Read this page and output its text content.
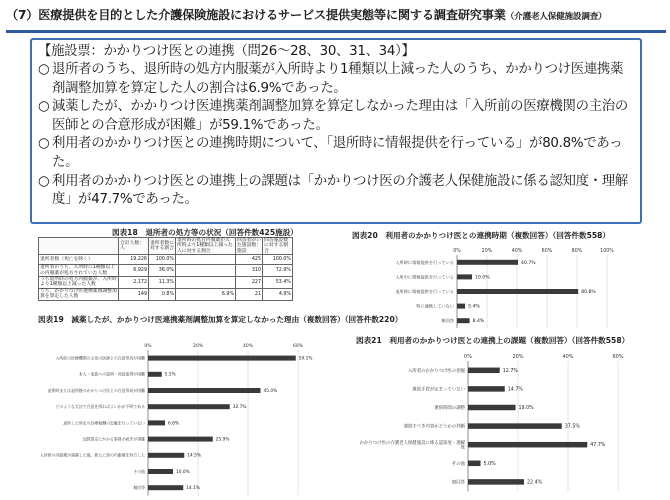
（7）医療提供を目的とした介護保険施設におけるサービス提供実態等に関する調査研究事業（介護老人保健施設調査）
【施設票：かかりつけ医との連携（問26～28、30、31、34）】
○ 退所者のうち、退所時の処方内服薬が入所時より1種類以上減った人のうち、かかりつけ医連携薬剤調整加算を算定した人の割合は6.9%であった。
○ 減薬したが、かかりつけ医連携薬剤調整加算を算定しなかった理由は「入所前の医療機関の主治の医師との合意形成が困難」が59.1%であった。
○ 利用者のかかりつけ医との連携時期について、「退所時に情報提供を行っている」が80.8%であった。
○ 利用者のかかりつけ医との連携上の課題は「かかりつけ医の介護老人保健施設に係る認知度・理解度」が47.7%であった。
図表18　退所者の処方等の状況（回答件数425施設）
	合計人数：人	退所者数に対する割合	退所時の処方内服薬が入所時より1種類以上減った人に対する割合	回答者がいた施設数：施設	回答施設数に対する割合
退所者数（死亡を除く）	19,226	100.0%		425	100.0%
退所者のうち、入所時に1種類以上の内服薬が処方されていた人数	6,929	36.0%		310	72.9%
うち退所時の処方内服薬が、入所時より1種類以上減った人数	2,172	11.3%		227	53.4%
うち、かかりつけ医連携薬剤調整加算を算定した人数	149	0.8%	6.9%	21	4.9%
図表19　減薬したが、かかりつけ医連携薬剤調整加算を算定しなかった理由（複数回答）（回答件数220）
図表20　利用者のかかりつけ医との連携時期（複数回答）（回答件数558）
図表21　利用者のかかりつけ医との連携上の課題（複数回答）（回答件数558）
0%	20%	40%	60%
入所前の医療機関の主治の医師との合意形成が困難	59.1%
本人・家族への説明・同意取得が困難	5.5%
退所時または退所後のかかりつけ医との合意形成が困難	45.0%
どのような方法で合意を得ればよいかが不明である	32.7%
退所した所定の診療報酬の記載を行っていない	6.8%
加算算定にかかる事務手続きが煩雑	25.9%
入所時の内服薬が減薬した後、新たに別の内服薬を処方した	14.5%
その他	10.0%
無回答	14.1%
0%	20%	40%	60%	80%	100%
入所時に情報提供を行っている	40.7%
入所中に情報提供を行っている	10.0%
退所時に情報提供を行っている	80.8%
特に連携していない	5.4%
無回答	8.4%
0%	20%	40%	60%
入所者のかかりつけ医の把握	12.7%
連絡手段が定まっていない	14.7%
連絡時間の調整	19.0%
連絡すべき内容かどうかの判断	37.5%
かかりつけ医の介護老人保健施設に係る認知度・理解
度	47.7%
その他	5.0%
無回答	22.4%
